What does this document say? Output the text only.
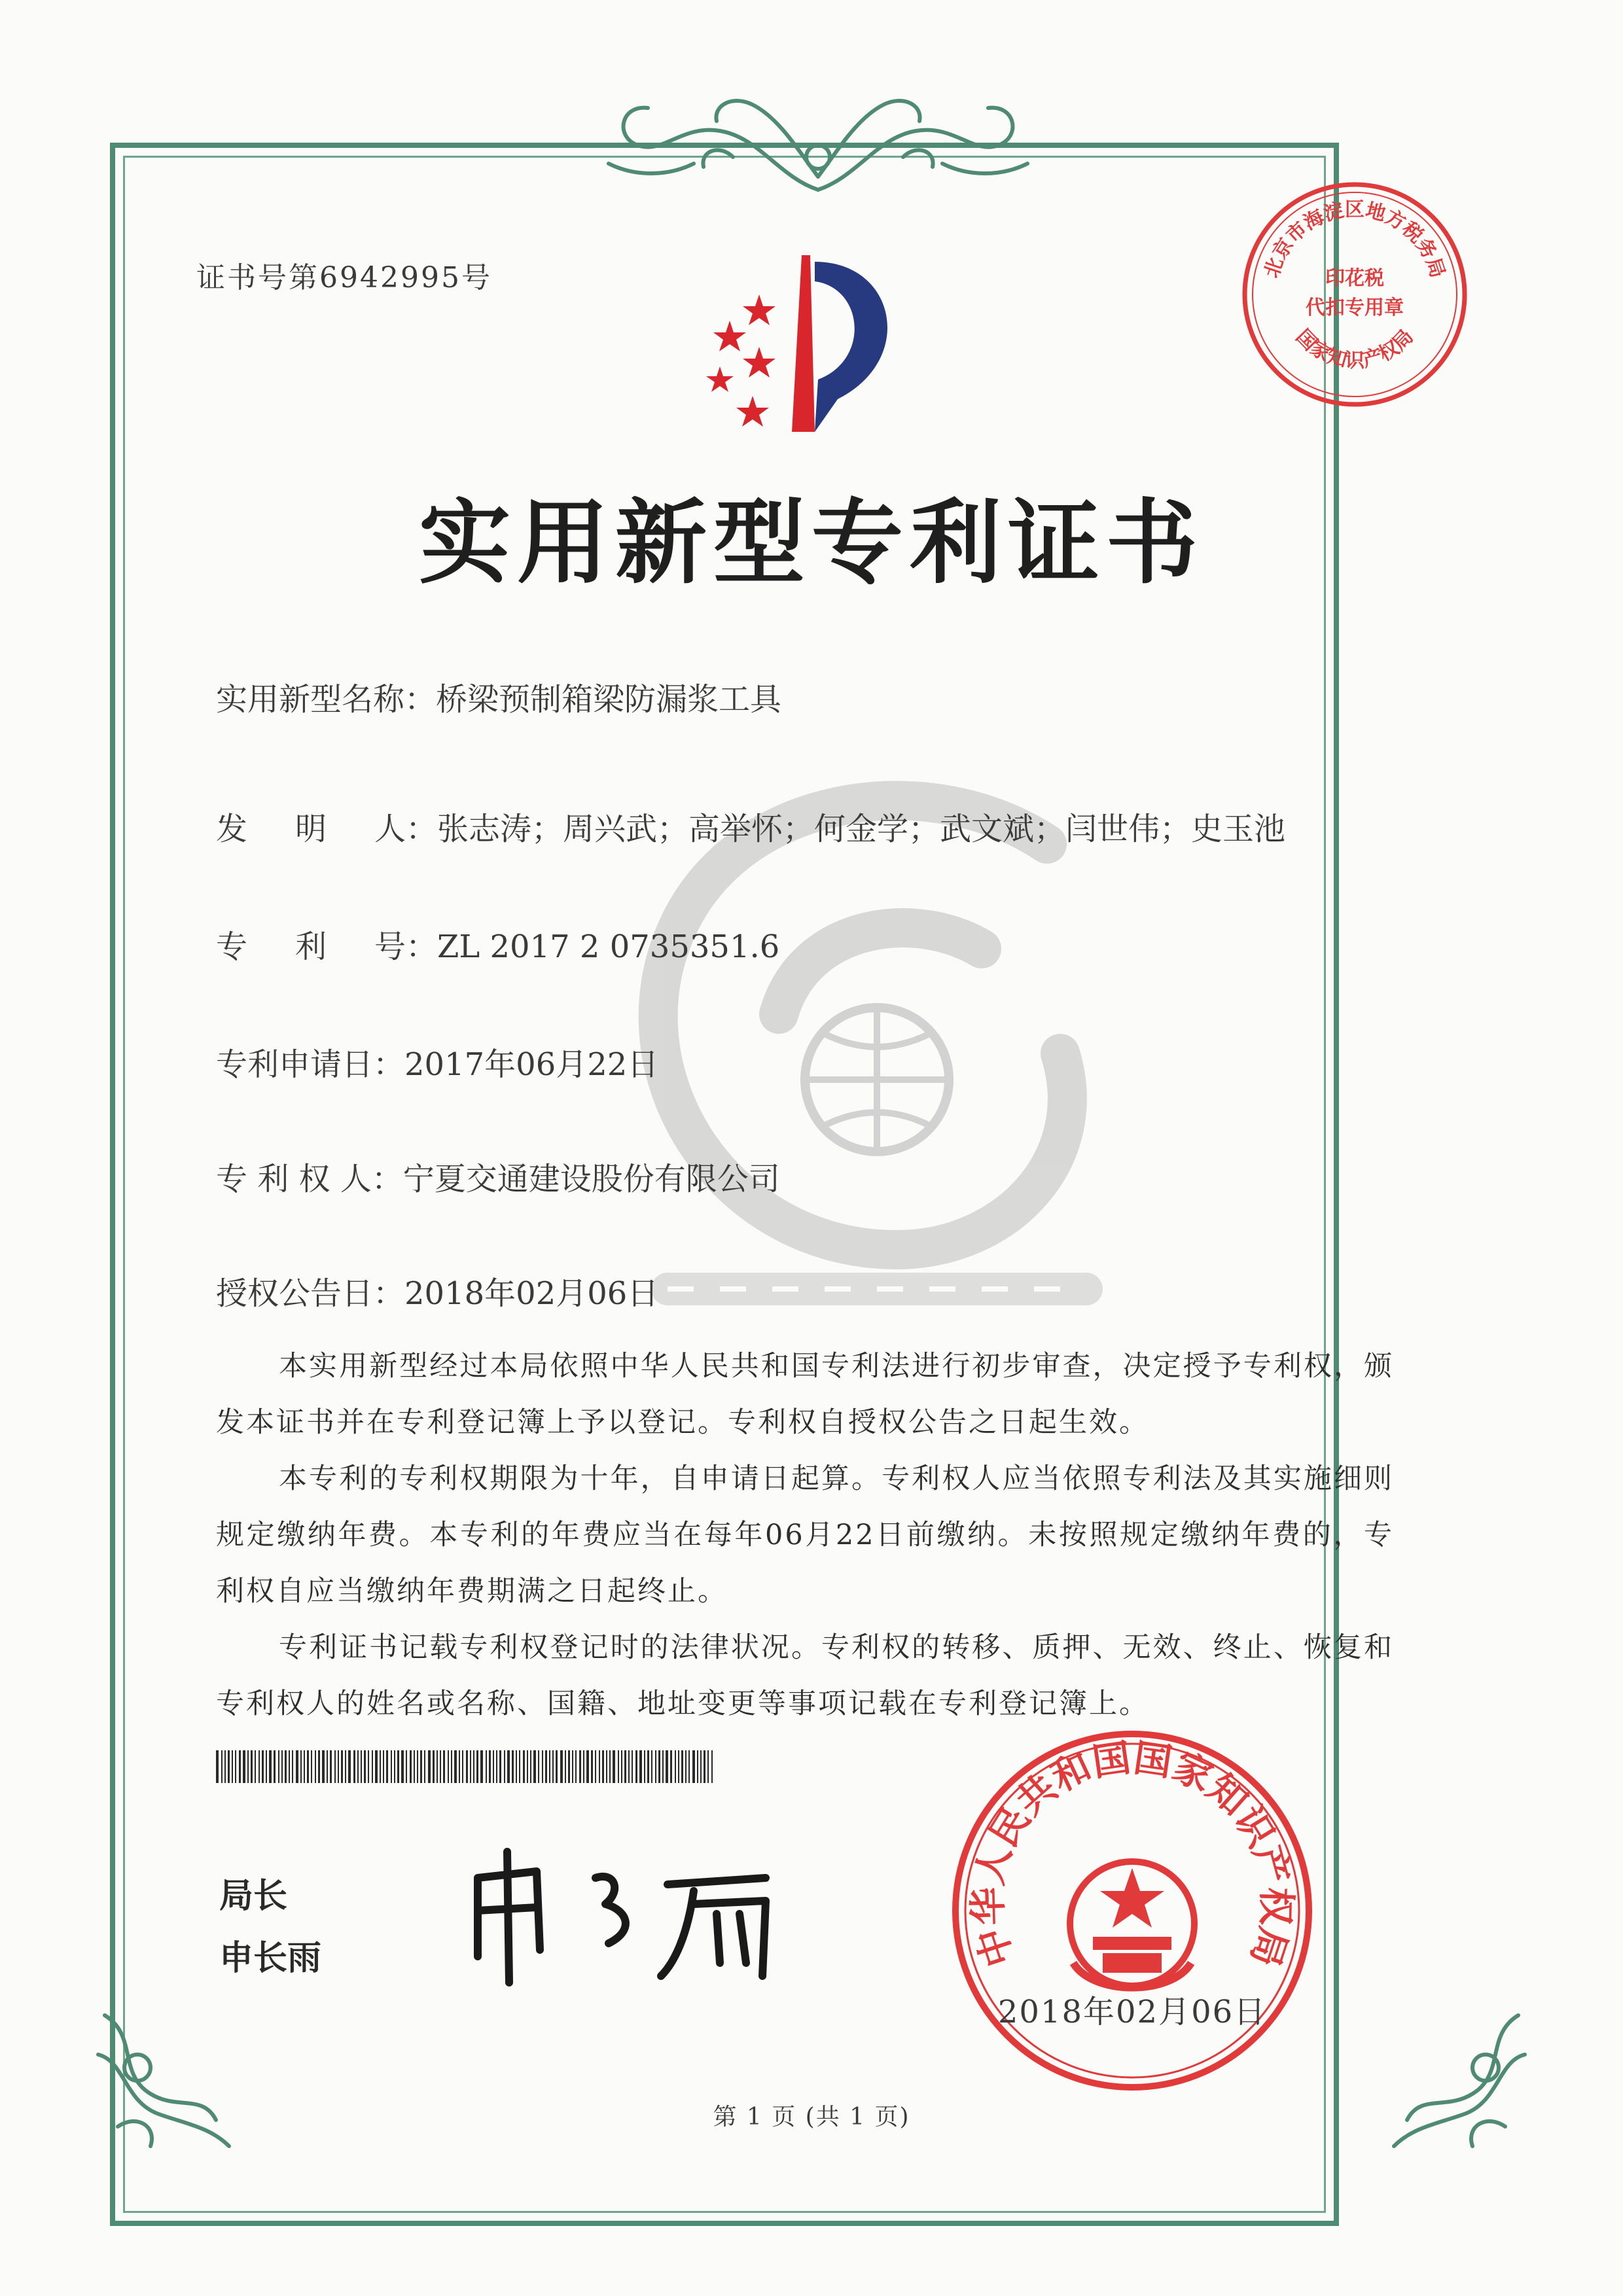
证书号第6942995号	北京市海淀区地方税务局
国家知识产权局
印花税
代扣专用章
实用新型专利证书
实用新型名称：桥梁预制箱梁防漏浆工具
发 明 人 ：张志涛；周兴武；高举怀；何金学；武文斌；闫世伟；史玉池
专 利 号 ：ZL 2017 2 0735351.6
专利申请日：2017年06月22日
专 利 权 人：宁夏交通建设股份有限公司
授权公告日：2018年02月06日
本实用新型经过本局依照中华人民共和国专利法进行初步审查，决定授予专利权，颁发本证书并在专利登记簿上予以登记。专利权自授权公告之日起生效。
本专利的专利权期限为十年，自申请日起算。专利权人应当依照专利法及其实施细则规定缴纳年费。本专利的年费应当在每年06月22日前缴纳。未按照规定缴纳年费的，专利权自应当缴纳年费期满之日起终止。
专利证书记载专利权登记时的法律状况。专利权的转移、质押、无效、终止、恢复和专利权人的姓名或名称、国籍、地址变更等事项记载在专利登记簿上。
局长
申长雨	中华人民共和国国家知识产权局
2018年02月06日
第 1 页 (共 1 页)
